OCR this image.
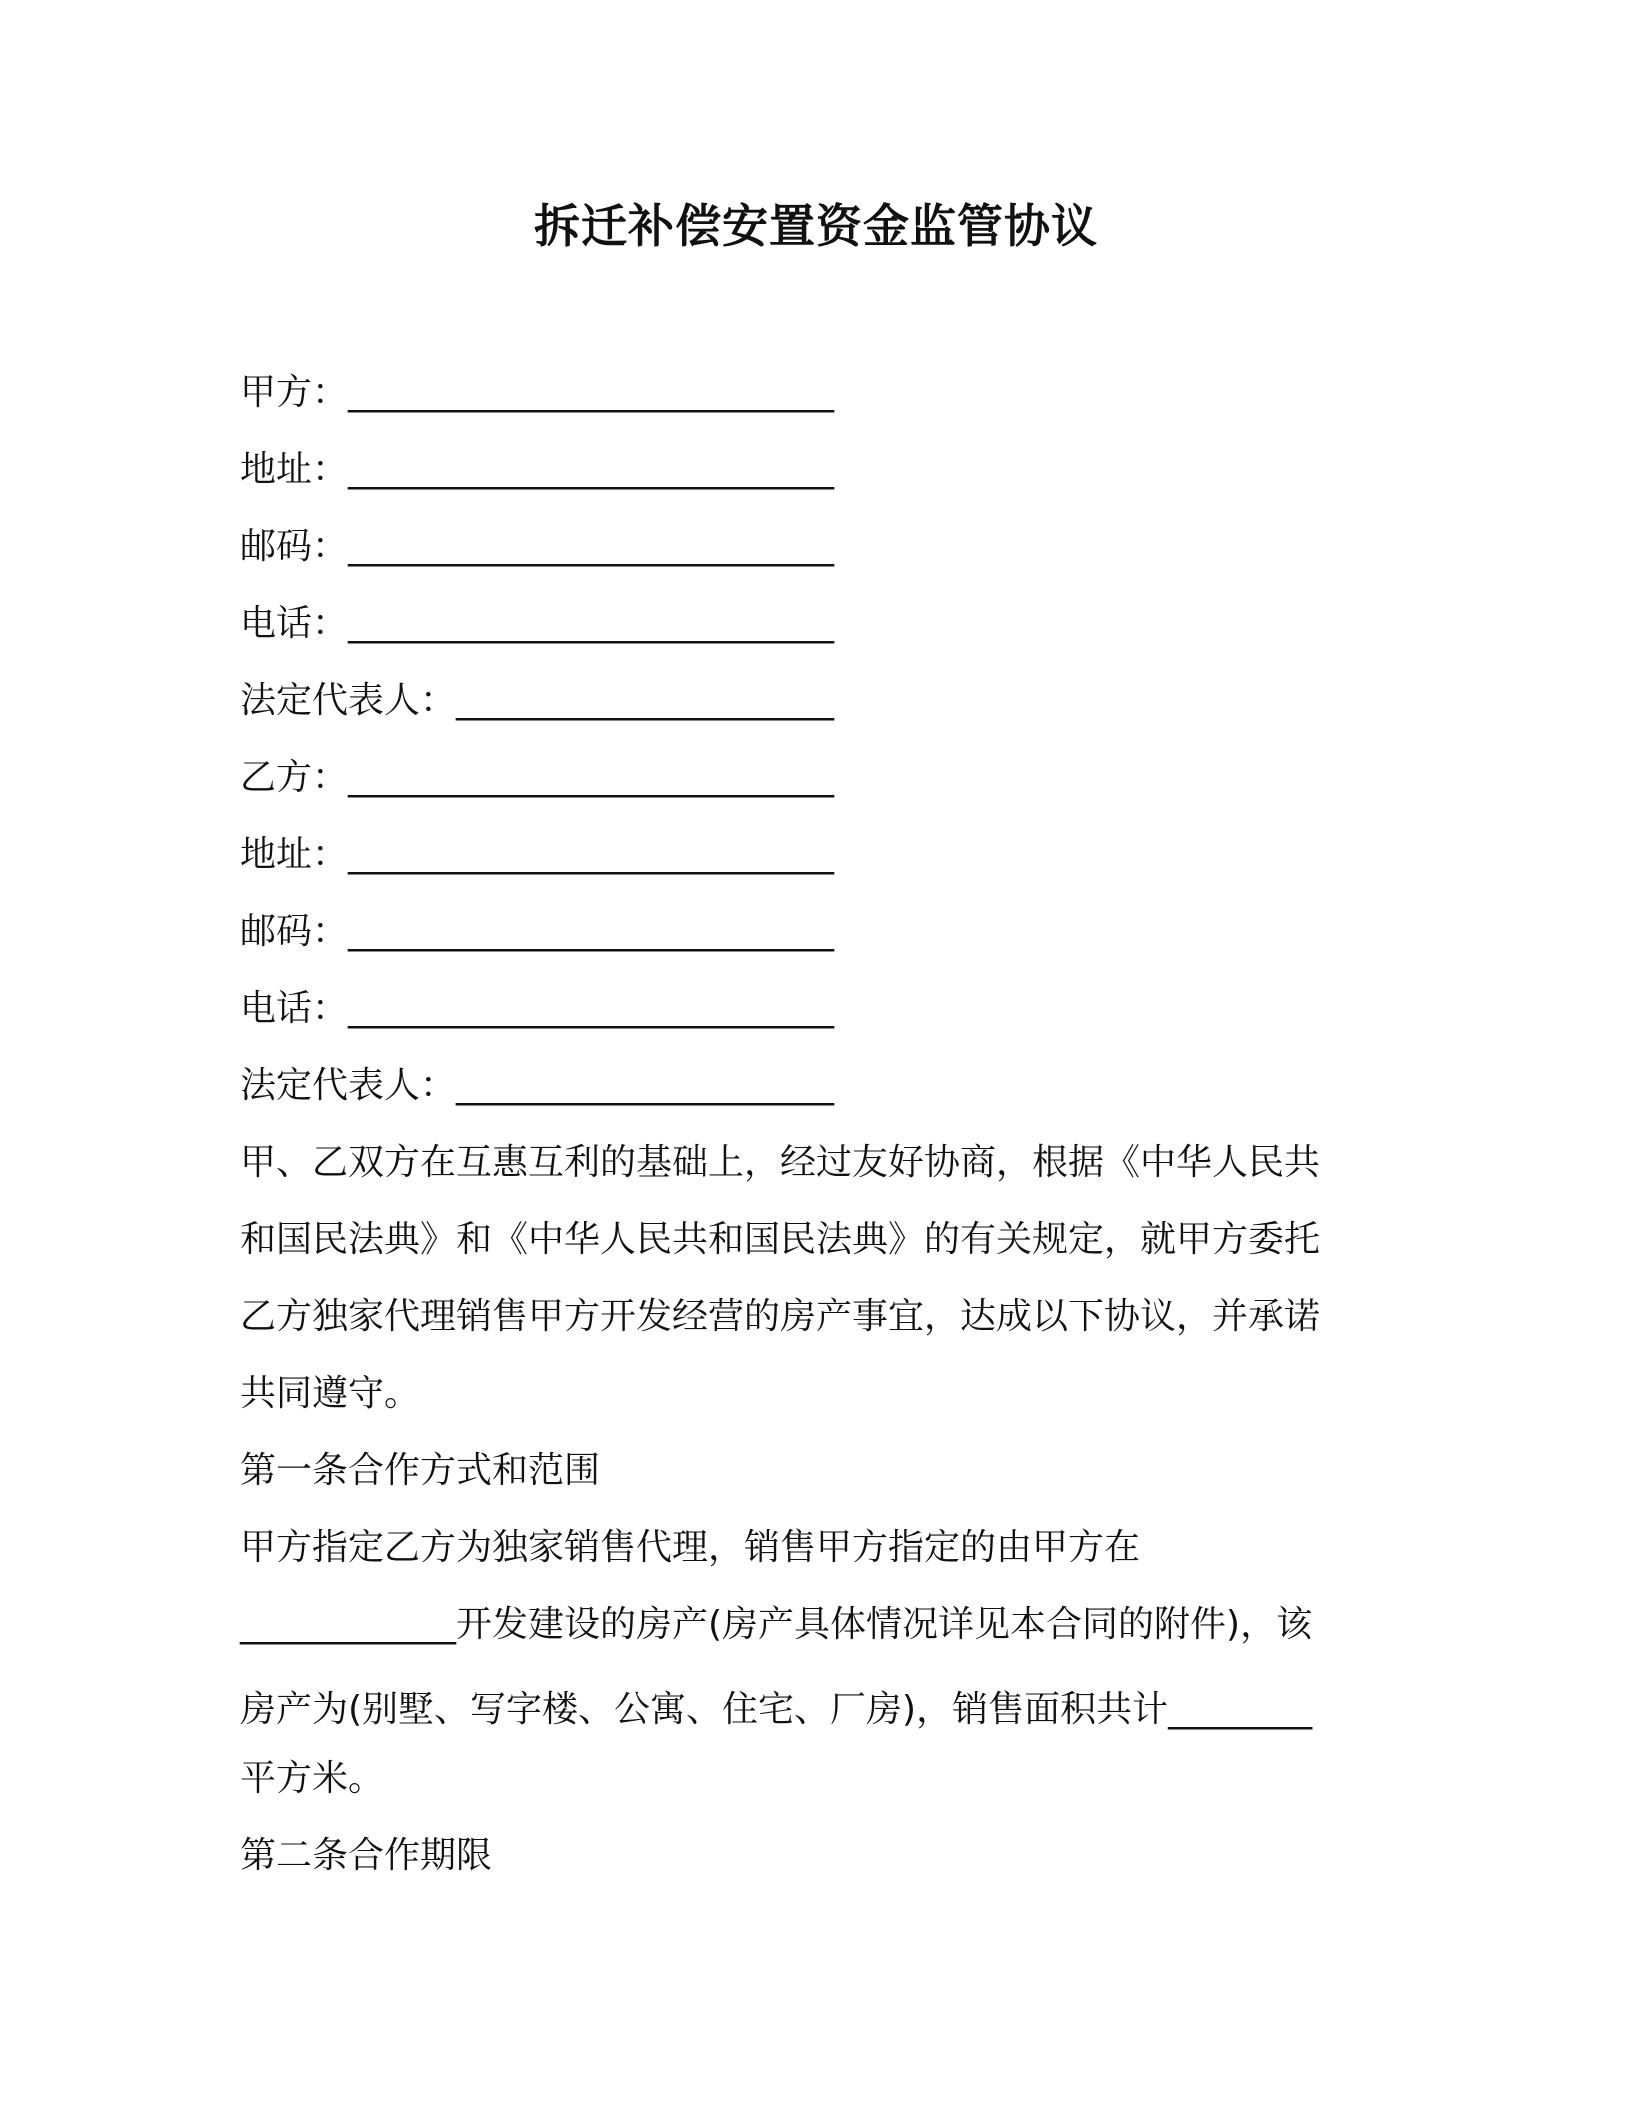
拆迁补偿安置资金监管协议
甲方：___________________________
地址：___________________________
邮码：___________________________
电话：___________________________
法定代表人：_____________________
乙方：___________________________
地址：___________________________
邮码：___________________________
电话：___________________________
法定代表人：_____________________
甲、乙双方在互惠互利的基础上，经过友好协商，根据《中华人民共
和国民法典》和《中华人民共和国民法典》的有关规定，就甲方委托
乙方独家代理销售甲方开发经营的房产事宜，达成以下协议，并承诺
共同遵守。
第一条合作方式和范围
甲方指定乙方为独家销售代理，销售甲方指定的由甲方在
____________开发建设的房产(房产具体情况详见本合同的附件)，该
房产为(别墅、写字楼、公寓、住宅、厂房)，销售面积共计________
平方米。
第二条合作期限
